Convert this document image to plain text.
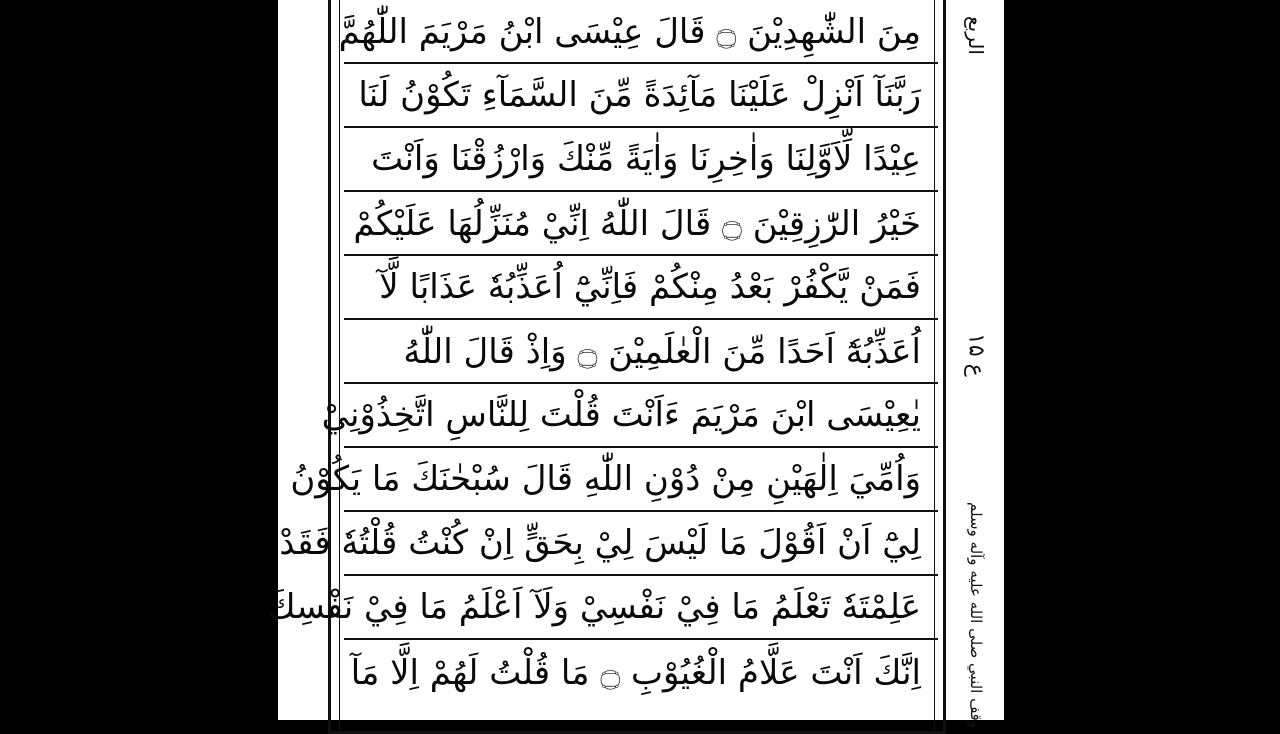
مِنَ الشّٰهِدِيْنَ ۝ قَالَ عِيْسَى ابْنُ مَرْيَمَ اللّٰهُمَّ
رَبَّنَآ اَنْزِلْ عَلَيْنَا مَآئِدَةً مِّنَ السَّمَآءِ تَكُوْنُ لَنَا
عِيْدًا لِّاَوَّلِنَا وَاٰخِرِنَا وَاٰيَةً مِّنْكَ وَارْزُقْنَا وَاَنْتَ
خَيْرُ الرّٰزِقِيْنَ ۝ قَالَ اللّٰهُ اِنِّيْ مُنَزِّلُهَا عَلَيْكُمْ
فَمَنْ يَّكْفُرْ بَعْدُ مِنْكُمْ فَاِنِّيْٓ اُعَذِّبُهٗ عَذَابًا لَّآ
اُعَذِّبُهٗٓ اَحَدًا مِّنَ الْعٰلَمِيْنَ ۝ وَاِذْ قَالَ اللّٰهُ
يٰعِيْسَى ابْنَ مَرْيَمَ ءَاَنْتَ قُلْتَ لِلنَّاسِ اتَّخِذُوْنِيْ
وَاُمِّيَ اِلٰهَيْنِ مِنْ دُوْنِ اللّٰهِ قَالَ سُبْحٰنَكَ مَا يَكُوْنُ
لِيْٓ اَنْ اَقُوْلَ مَا لَيْسَ لِيْ بِحَقٍّ اِنْ كُنْتُ قُلْتُهٗ فَقَدْ
عَلِمْتَهٗ تَعْلَمُ مَا فِيْ نَفْسِيْ وَلَآ اَعْلَمُ مَا فِيْ نَفْسِكَ
اِنَّكَ اَنْتَ عَلَّامُ الْغُيُوْبِ ۝ مَا قُلْتُ لَهُمْ اِلَّا مَآ
الربع
ع ۱۵
وقف النبي صلى الله عليه وآله وسلم
